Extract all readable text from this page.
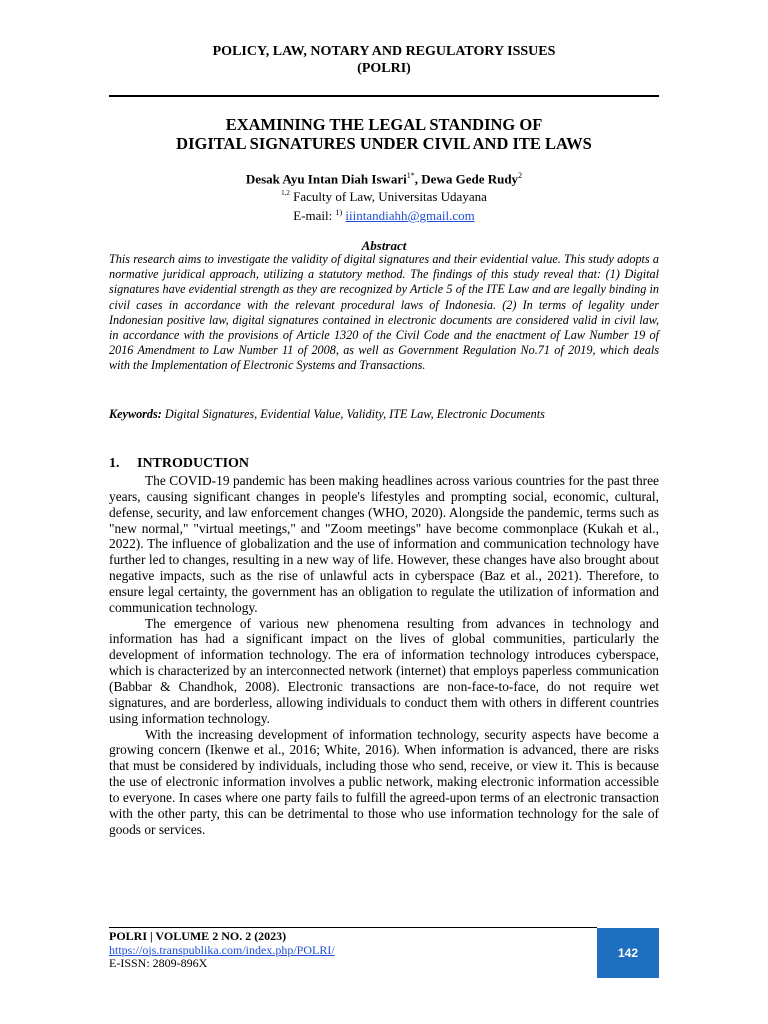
POLICY, LAW, NOTARY AND REGULATORY ISSUES
(POLRI)
EXAMINING THE LEGAL STANDING OF
DIGITAL SIGNATURES UNDER CIVIL AND ITE LAWS
Desak Ayu Intan Diah Iswari$^{1*}$, Dewa Gede Rudy$^2$
$^{1,2}$ Faculty of Law, Universitas Udayana
E-mail: $^{1)}$ iiintandiahh@gmail.com
Abstract
This research aims to investigate the validity of digital signatures and their evidential value. This study adopts a normative juridical approach, utilizing a statutory method. The findings of this study reveal that: (1) Digital signatures have evidential strength as they are recognized by Article 5 of the ITE Law and are legally binding in civil cases in accordance with the relevant procedural laws of Indonesia. (2) In terms of legality under Indonesian positive law, digital signatures contained in electronic documents are considered valid in civil law, in accordance with the provisions of Article 1320 of the Civil Code and the enactment of Law Number 19 of 2016 Amendment to Law Number 11 of 2008, as well as Government Regulation No.71 of 2019, which deals with the Implementation of Electronic Systems and Transactions.
Keywords: Digital Signatures, Evidential Value, Validity, ITE Law, Electronic Documents
1. INTRODUCTION

The COVID-19 pandemic has been making headlines across various countries for the past three years, causing significant changes in people's lifestyles and prompting social, economic, cultural, defense, security, and law enforcement changes (WHO, 2020). Alongside the pandemic, terms such as "new normal," "virtual meetings," and "Zoom meetings" have become commonplace (Kukah et al., 2022). The influence of globalization and the use of information and communication technology have further led to changes, resulting in a new way of life. However, these changes have also brought about negative impacts, such as the rise of unlawful acts in cyberspace (Baz et al., 2021). Therefore, to ensure legal certainty, the government has an obligation to regulate the utilization of information and communication technology.

The emergence of various new phenomena resulting from advances in technology and information has had a significant impact on the lives of global communities, particularly the development of information technology. The era of information technology introduces cyberspace, which is characterized by an interconnected network (internet) that employs paperless communication (Babbar & Chandhok, 2008). Electronic transactions are non-face-to-face, do not require wet signatures, and are borderless, allowing individuals to conduct them with others in different countries using information technology.

With the increasing development of information technology, security aspects have become a growing concern (Ikenwe et al., 2016; White, 2016). When information is advanced, there are risks that must be considered by individuals, including those who send, receive, or view it. This is because the use of electronic information involves a public network, making electronic information accessible to everyone. In cases where one party fails to fulfill the agreed-upon terms of an electronic transaction with the other party, this can be detrimental to those who use information technology for the sale of goods or services.

POLRI | VOLUME 2 NO. 2 (2023)
https://ojs.transpublika.com/index.php/POLRI/
E-ISSN: 2809-896X
142
